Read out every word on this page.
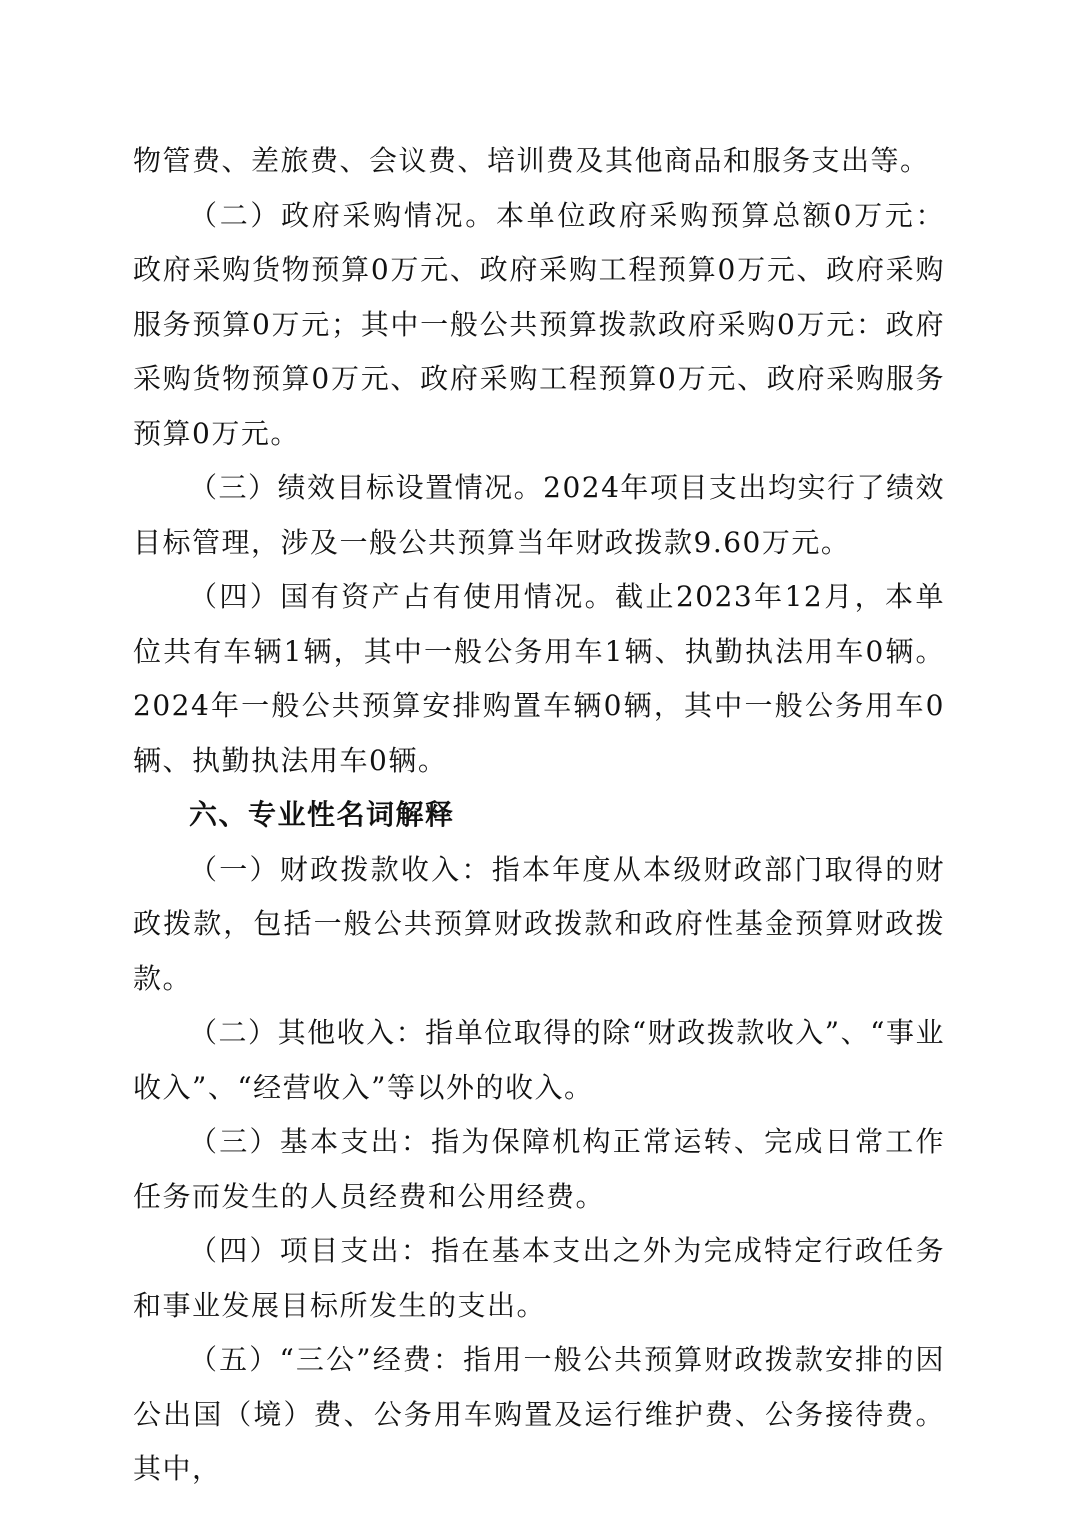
物管费、差旅费、会议费、培训费及其他商品和服务支出等。

（二）政府采购情况。本单位政府采购预算总额0万元：政府采购货物预算0万元、政府采购工程预算0万元、政府采购服务预算0万元；其中一般公共预算拨款政府采购0万元：政府采购货物预算0万元、政府采购工程预算0万元、政府采购服务预算0万元。

（三）绩效目标设置情况。2024年项目支出均实行了绩效目标管理，涉及一般公共预算当年财政拨款9.60万元。

（四）国有资产占有使用情况。截止2023年12月，本单位共有车辆1辆，其中一般公务用车1辆、执勤执法用车0辆。2024年一般公共预算安排购置车辆0辆，其中一般公务用车0辆、执勤执法用车0辆。

六、专业性名词解释

（一）财政拨款收入：指本年度从本级财政部门取得的财政拨款，包括一般公共预算财政拨款和政府性基金预算财政拨款。

（二）其他收入：指单位取得的除“财政拨款收入”、“事业收入”、“经营收入”等以外的收入。

（三）基本支出：指为保障机构正常运转、完成日常工作任务而发生的人员经费和公用经费。

（四）项目支出：指在基本支出之外为完成特定行政任务和事业发展目标所发生的支出。

（五）“三公”经费：指用一般公共预算财政拨款安排的因公出国（境）费、公务用车购置及运行维护费、公务接待费。其中，
